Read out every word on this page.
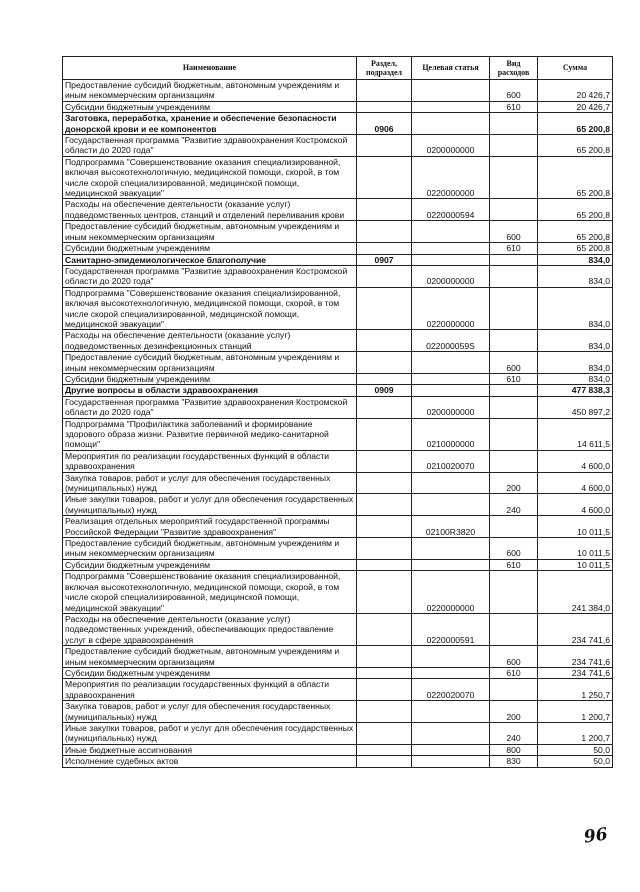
Наименование	Раздел, подраздел	Целевая статья	Вид расходов	Сумма
Предоставление субсидий бюджетным, автономным учреждениям и иным некоммерческим организациям			600	20 426,7
Субсидии бюджетным учреждениям			610	20 426,7
Заготовка, переработка, хранение и обеспечение безопасности донорской крови и ее компонентов	0906			65 200,8
Государственная программа "Развитие здравоохранения Костромской области до 2020 года"		0200000000		65 200,8
Подпрограмма "Совершенствование оказания специализированной, включая высокотехнологичную, медицинской помощи, скорой, в том числе скорой специализированной, медицинской помощи, медицинской эвакуации"		0220000000		65 200,8
Расходы на обеспечение деятельности (оказание услуг) подведомственных центров, станций и отделений переливания крови		0220000594		65 200,8
Предоставление субсидий бюджетным, автономным учреждениям и иным некоммерческим организациям			600	65 200,8
Субсидии бюджетным учреждениям			610	65 200,8
Санитарно-эпидемиологическое благополучие	0907			834,0
Государственная программа "Развитие здравоохранения Костромской области до 2020 года"		0200000000		834,0
Подпрограмма "Совершенствование оказания специализированной, включая высокотехнологичную, медицинской помощи, скорой, в том числе скорой специализированной, медицинской помощи, медицинской эвакуации"		0220000000		834,0
Расходы на обеспечение деятельности (оказание услуг) подведомственных дезинфекционных станций		022000059S		834,0
Предоставление субсидий бюджетным, автономным учреждениям и иным некоммерческим организациям			600	834,0
Субсидии бюджетным учреждениям			610	834,0
Другие вопросы в области здравоохранения	0909			477 838,3
Государственная программа "Развитие здравоохранения Костромской области до 2020 года"		0200000000		450 897,2
Подпрограмма "Профилактика заболеваний и формирование здорового образа жизни. Развитие первичной медико-санитарной помощи"		0210000000		14 611,5
Мероприятия по реализации государственных функций в области здравоохранения		0210020070		4 600,0
Закупка товаров, работ и услуг для обеспечения государственных (муниципальных) нужд			200	4 600,0
Иные закупки товаров, работ и услуг для обеспечения государственных (муниципальных) нужд			240	4 600,0
Реализация отдельных мероприятий государственной программы Российской Федерации "Развитие здравоохранения"		02100R3820		10 011,5
Предоставление субсидий бюджетным, автономным учреждениям и иным некоммерческим организациям			600	10 011,5
Субсидии бюджетным учреждениям			610	10 011,5
Подпрограмма "Совершенствование оказания специализированной, включая высокотехнологичную, медицинской помощи, скорой, в том числе скорой специализированной, медицинской помощи, медицинской эвакуации"		0220000000		241 384,0
Расходы на обеспечение деятельности (оказание услуг) подведомственных учреждений, обеспечивающих предоставление услуг в сфере здравоохранения		0220000591		234 741,6
Предоставление субсидий бюджетным, автономным учреждениям и иным некоммерческим организациям			600	234 741,6
Субсидии бюджетным учреждениям			610	234 741,6
Мероприятия по реализации государственных функций в области здравоохранения		0220020070		1 250,7
Закупка товаров, работ и услуг для обеспечения государственных (муниципальных) нужд			200	1 200,7
Иные закупки товаров, работ и услуг для обеспечения государственных (муниципальных) нужд			240	1 200,7
Иные бюджетные ассигнования			800	50,0
Исполнение судебных актов			830	50,0
96
